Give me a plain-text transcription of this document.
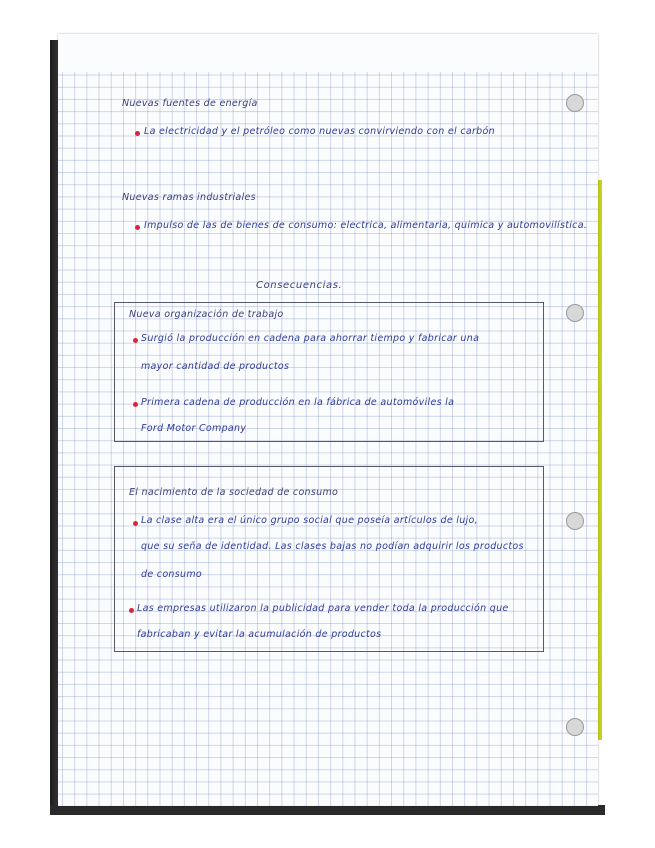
Nuevas fuentes de energía
La electricidad y el petróleo como nuevas convirviendo con el carbón
Nuevas ramas industriales
Impulso de las de bienes de consumo: electrica, alimentaria, quimica y automovilística.
Consecuencias.
Nueva organización de trabajo
Surgió la producción en cadena para ahorrar tiempo y fabricar una
mayor cantidad de productos
Primera cadena de producción en la fábrica de automóviles la
Ford Motor Company
El nacimiento de la sociedad de consumo
La clase alta era el único grupo social que poseía artículos de lujo,
que su seña de identidad. Las clases bajas no podían adquirir los productos
de consumo
Las empresas utilizaron la publicidad para vender toda la producción que
fabricaban y evitar la acumulación de productos
